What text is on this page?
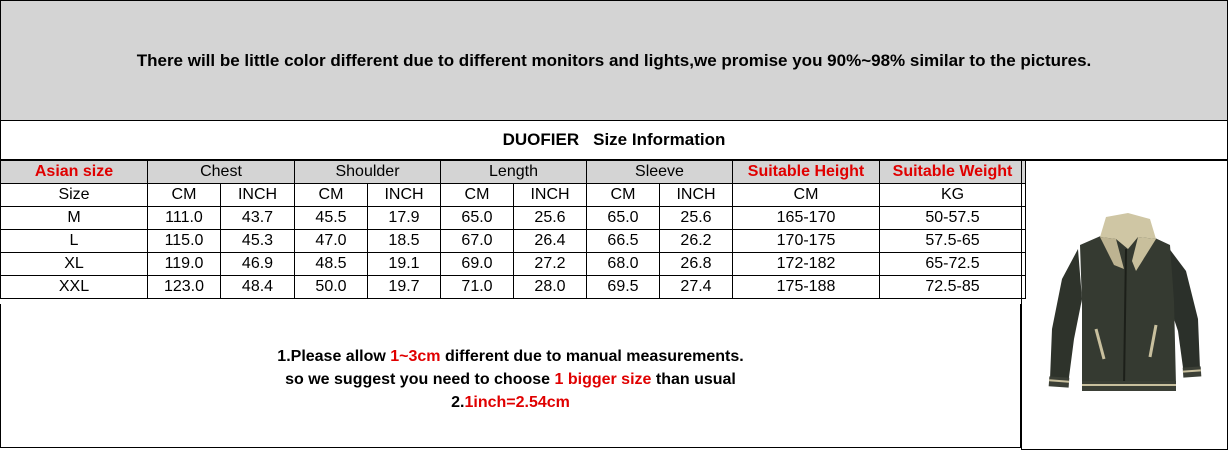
There will be little color different due to different monitors and lights,we promise you 90%~98% similar to the pictures.
DUOFIER Size Information
Asian size	Chest		Shoulder		Length		Sleeve		Suitable Height	Suitable Weight
Size	CM	INCH	CM	INCH	CM	INCH	CM	INCH	CM	KG
M	111.0	43.7	45.5	17.9	65.0	25.6	65.0	25.6	165-170	50-57.5
L	115.0	45.3	47.0	18.5	67.0	26.4	66.5	26.2	170-175	57.5-65
XL	119.0	46.9	48.5	19.1	69.0	27.2	68.0	26.8	172-182	65-72.5
XXL	123.0	48.4	50.0	19.7	71.0	28.0	69.5	27.4	175-188	72.5-85
1.Please allow 1~3cm different due to manual measurements.
so we suggest you need to choose 1 bigger size than usual
2.1inch=2.54cm
